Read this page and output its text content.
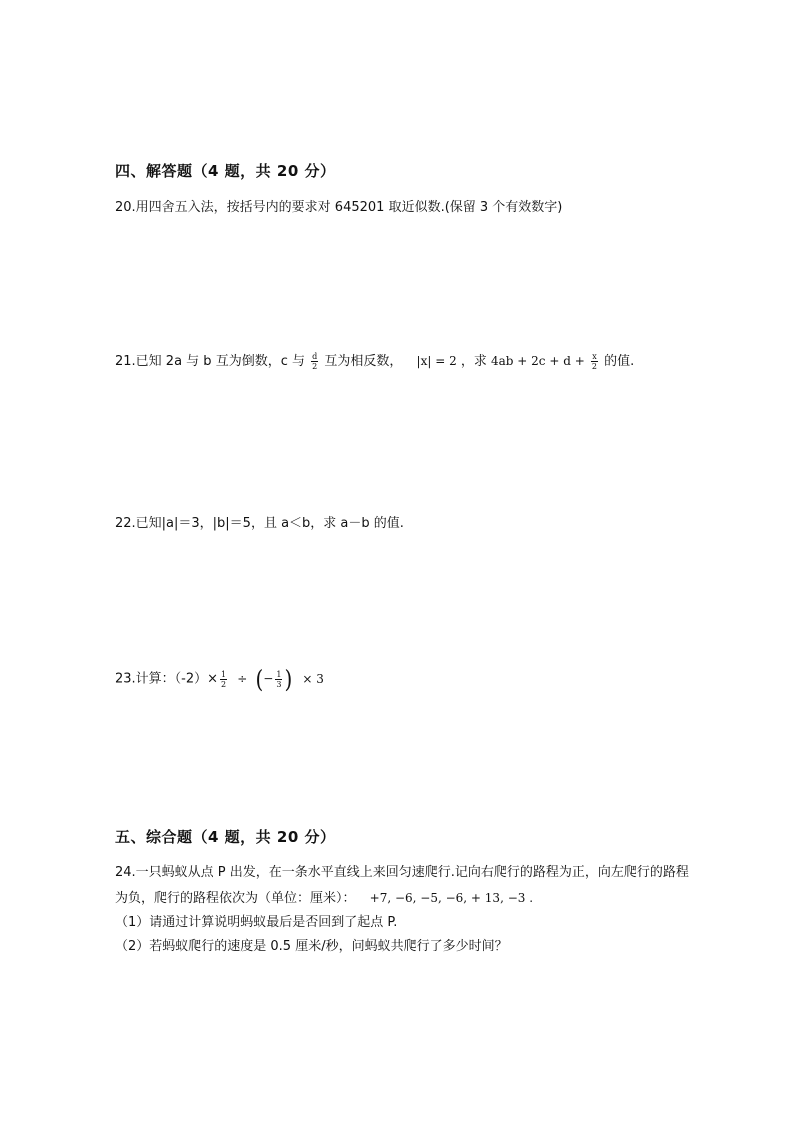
四、解答题（4 题，共 20 分）
20.用四舍五入法，按括号内的要求对 645201 取近似数.(保留 3 个有效数字)
21.已知 2a 与 b 互为倒数，c 与 $\frac{d}{2}$ 互为相反数， |x| = 2 ，求 $4ab + 2c + d + \frac{x}{2}$ 的值.
22.已知|a|＝3，|b|＝5，且 a＜b，求 a－b 的值.
23.计算：$(-2)\times \frac{1}{2}$ ÷ (− $\frac{1}{3}$ ) × 3
五、综合题（4 题，共 20 分）
24.一只蚂蚁从点 P 出发，在一条水平直线上来回匀速爬行.记向右爬行的路程为正，向左爬行的路程
为负，爬行的路程依次为（单位：厘米）： +7, −6, −5, −6, + 13, −3 .
（1）请通过计算说明蚂蚁最后是否回到了起点 P.
（2）若蚂蚁爬行的速度是 0.5 厘米/秒，问蚂蚁共爬行了多少时间？
